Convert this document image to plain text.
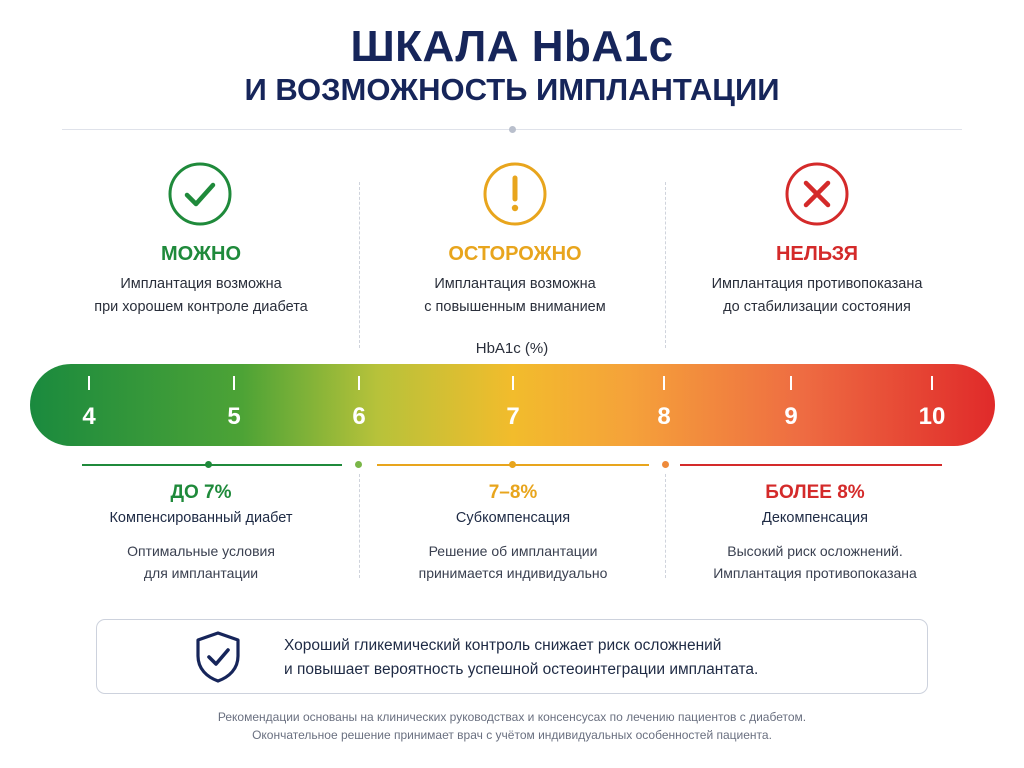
ШКАЛА HbA1c
И ВОЗМОЖНОСТЬ ИМПЛАНТАЦИИ
МОЖНО
Имплантация возможна
при хорошем контроле диабета
ОСТОРОЖНО
Имплантация возможна
с повышенным вниманием
НЕЛЬЗЯ
Имплантация противопоказана
до стабилизации состояния
HbA1c (%)
4	5	6	7	8	9	10
ДО 7%
Компенсированный диабет
Оптимальные условия
для имплантации
7–8%
Субкомпенсация
Решение об имплантации
принимается индивидуально
БОЛЕЕ 8%
Декомпенсация
Высокий риск осложнений.
Имплантация противопоказана
Хороший гликемический контроль снижает риск осложнений
и повышает вероятность успешной остеоинтеграции имплантата.
Рекомендации основаны на клинических руководствах и консенсусах по лечению пациентов с диабетом.
Окончательное решение принимает врач с учётом индивидуальных особенностей пациента.
